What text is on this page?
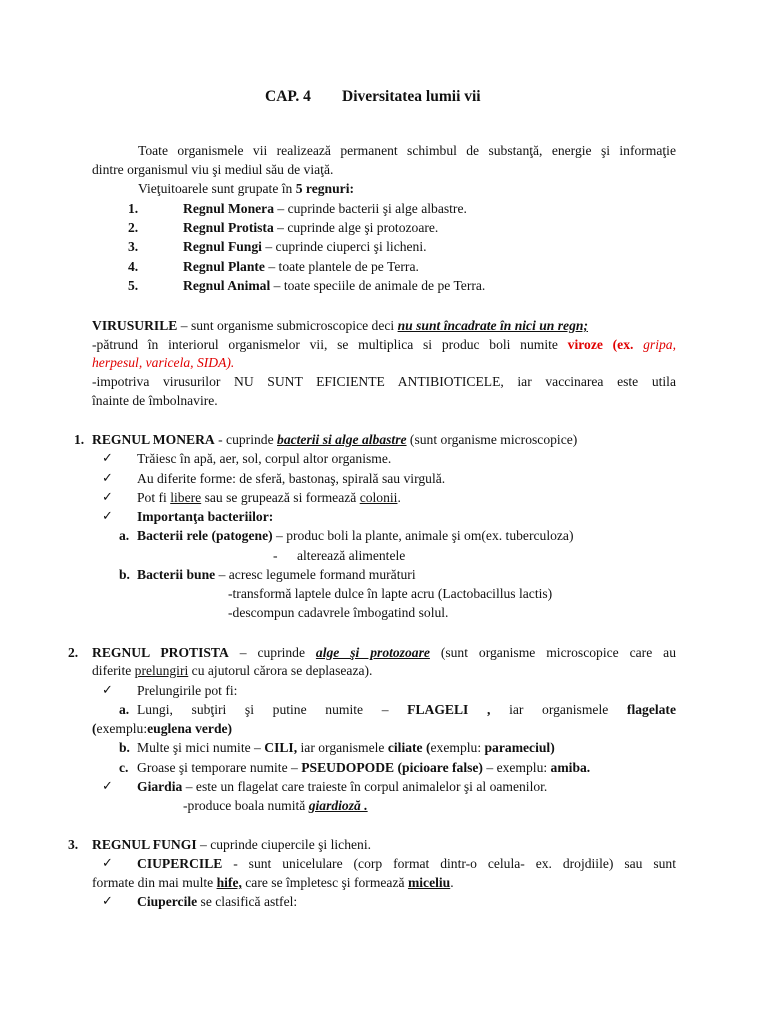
CAP. 4 Diversitatea lumii vii
Toate organismele vii realizează permanent schimbul de substanţă, energie şi informaţie
dintre organismul viu şi mediul său de viaţă.
Vieţuitoarele sunt grupate în 5 regnuri:
1.	Regnul Monera – cuprinde bacterii şi alge albastre.
2.	Regnul Protista – cuprinde alge şi protozoare.
3.	Regnul Fungi – cuprinde ciuperci şi licheni.
4.	Regnul Plante – toate plantele de pe Terra.
5.	Regnul Animal – toate speciile de animale de pe Terra.
VIRUSURILE – sunt organisme submicroscopice deci nu sunt încadrate în nici un regn;
-pătrund în interiorul organismelor vii, se multiplica si produc boli numite viroze (ex. gripa,
herpesul, varicela, SIDA).
-impotriva virusurilor NU SUNT EFICIENTE ANTIBIOTICELE, iar vaccinarea este utila
înainte de îmbolnavire.
1. REGNUL MONERA - cuprinde bacterii si alge albastre (sunt organisme microscopice)
✓ Trăiesc în apă, aer, sol, corpul altor organisme.
✓ Au diferite forme: de sferă, bastonaş, spirală sau virgulă.
✓ Pot fi libere sau se grupează si formează colonii.
✓ Importanţa bacteriilor:
a. Bacterii rele (patogene) – produc boli la plante, animale şi om(ex. tuberculoza)
- alterează alimentele
b. Bacterii bune – acresc legumele formand murături
-transformă laptele dulce în lapte acru (Lactobacillus lactis)
-descompun cadavrele îmbogatind solul.
2. REGNUL PROTISTA – cuprinde alge şi protozoare (sunt organisme microscopice care au
diferite prelungiri cu ajutorul cărora se deplaseaza).
✓ Prelungirile pot fi:
a. Lungi, subţiri şi putine numite – FLAGELI , iar organismele flagelate
(exemplu:euglena verde)
b. Multe şi mici numite – CILI, iar organismele ciliate (exemplu: parameciul)
c. Groase şi temporare numite – PSEUDOPODE (picioare false) – exemplu: amiba.
✓ Giardia – este un flagelat care traieste în corpul animalelor şi al oamenilor.
-produce boala numită giardioză .
3. REGNUL FUNGI – cuprinde ciupercile şi licheni.
✓ CIUPERCILE - sunt unicelulare (corp format dintr-o celula- ex. drojdiile) sau sunt
formate din mai multe hife, care se împletesc şi formează miceliu.
✓ Ciupercile se clasifică astfel:
